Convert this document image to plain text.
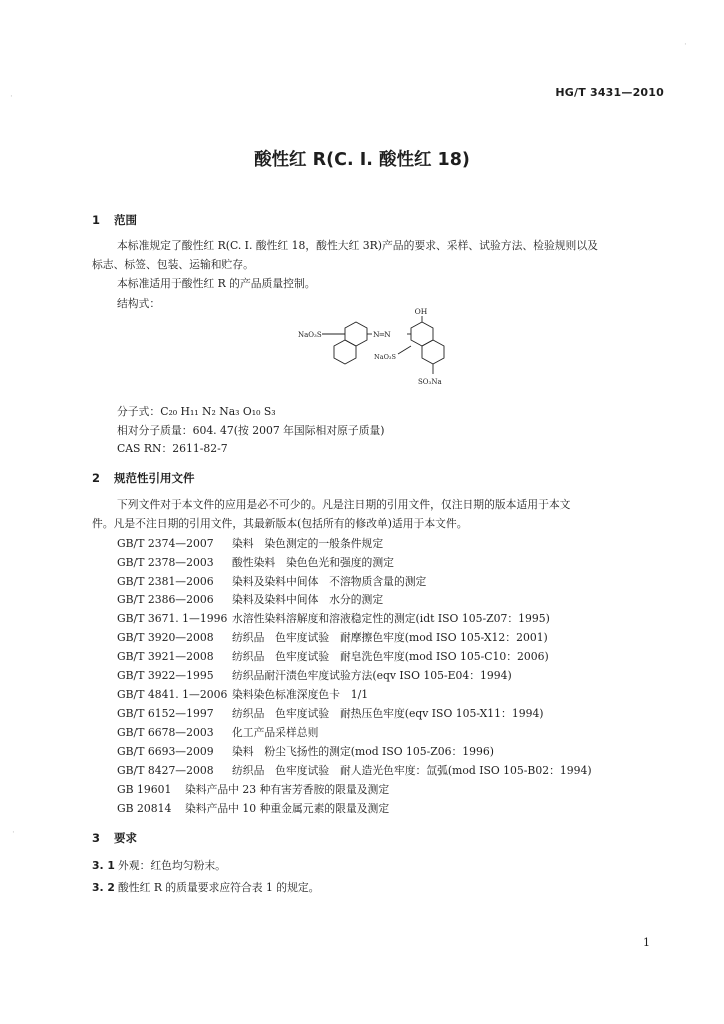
HG/T 3431—2010
酸性红 R(C. I. 酸性红 18)
1 范围
本标准规定了酸性红 R(C. I. 酸性红 18，酸性大红 3R)产品的要求、采样、试验方法、检验规则以及
标志、标签、包装、运输和贮存。
本标准适用于酸性红 R 的产品质量控制。
结构式：
OH
NaO₃S	N═N
NaO₃S
SO₃Na
分子式：C₂₀ H₁₁ N₂ Na₃ O₁₀ S₃
相对分子质量：604. 47(按 2007 年国际相对原子质量)
CAS RN：2611-82-7
2 规范性引用文件
下列文件对于本文件的应用是必不可少的。凡是注日期的引用文件，仅注日期的版本适用于本文
件。凡是不注日期的引用文件，其最新版本(包括所有的修改单)适用于本文件。
GB/T 2374—2007 染料　染色测定的一般条件规定
GB/T 2378—2003 酸性染料　染色色光和强度的测定
GB/T 2381—2006 染料及染料中间体　不溶物质含量的测定
GB/T 2386—2006 染料及染料中间体　水分的测定
GB/T 3671. 1—1996 水溶性染料溶解度和溶液稳定性的测定(idt ISO 105-Z07：1995)
GB/T 3920—2008 纺织品　色牢度试验　耐摩擦色牢度(mod ISO 105-X12：2001)
GB/T 3921—2008 纺织品　色牢度试验　耐皂洗色牢度(mod ISO 105-C10：2006)
GB/T 3922—1995 纺织品耐汗渍色牢度试验方法(eqv ISO 105-E04：1994)
GB/T 4841. 1—2006 染料染色标准深度色卡　1/1
GB/T 6152—1997 纺织品　色牢度试验　耐热压色牢度(eqv ISO 105-X11：1994)
GB/T 6678—2003 化工产品采样总则
GB/T 6693—2009 染料　粉尘飞扬性的测定(mod ISO 105-Z06：1996)
GB/T 8427—2008 纺织品　色牢度试验　耐人造光色牢度：氙弧(mod ISO 105-B02：1994)
GB 19601 染料产品中 23 种有害芳香胺的限量及测定
GB 20814 染料产品中 10 种重金属元素的限量及测定
3 要求
3. 1 外观：红色均匀粉末。
3. 2 酸性红 R 的质量要求应符合表 1 的规定。
1
·
·
·
